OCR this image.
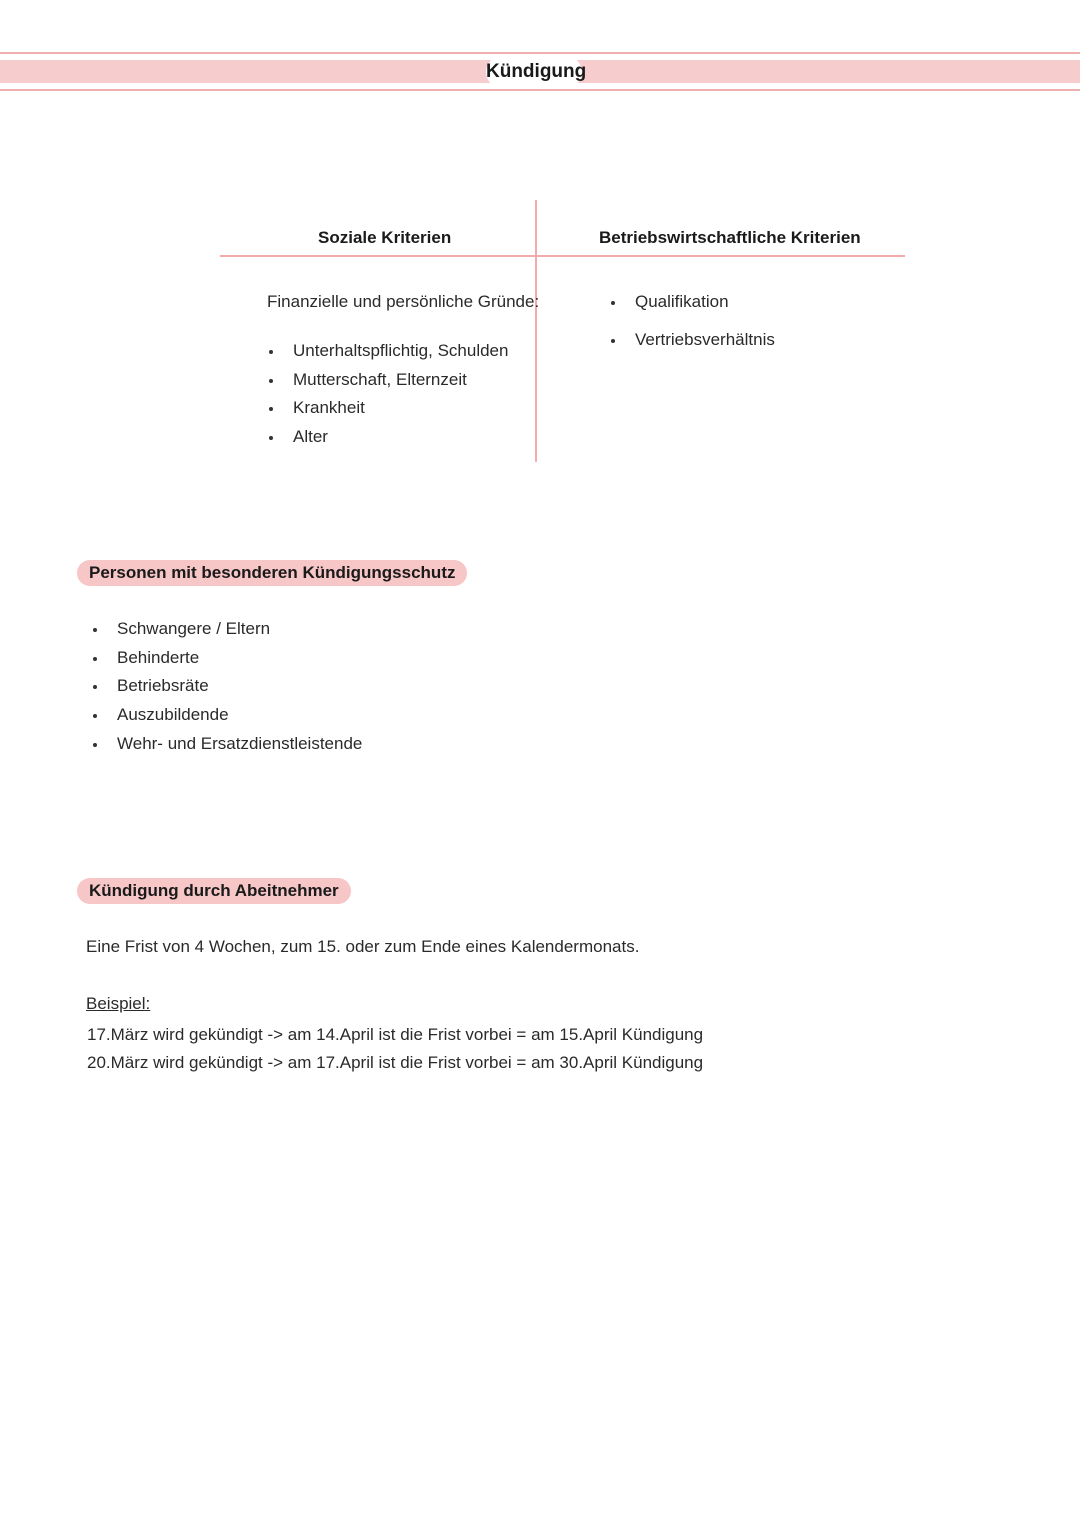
Kündigung
Soziale Kriterien	Betriebswirtschaftliche Kriterien
Finanzielle und persönliche Gründe:
Unterhaltspflichtig, Schulden
Mutterschaft, Elternzeit
Krankheit
Alter
Qualifikation
Vertriebsverhältnis
Personen mit besonderen Kündigungsschutz
Schwangere / Eltern
Behinderte
Betriebsräte
Auszubildende
Wehr- und Ersatzdienstleistende
Kündigung durch Abeitnehmer
Eine Frist von 4 Wochen, zum 15. oder zum Ende eines Kalendermonats.
Beispiel:
17.März wird gekündigt -> am 14.April ist die Frist vorbei = am 15.April Kündigung
20.März wird gekündigt -> am 17.April ist die Frist vorbei = am 30.April Kündigung
